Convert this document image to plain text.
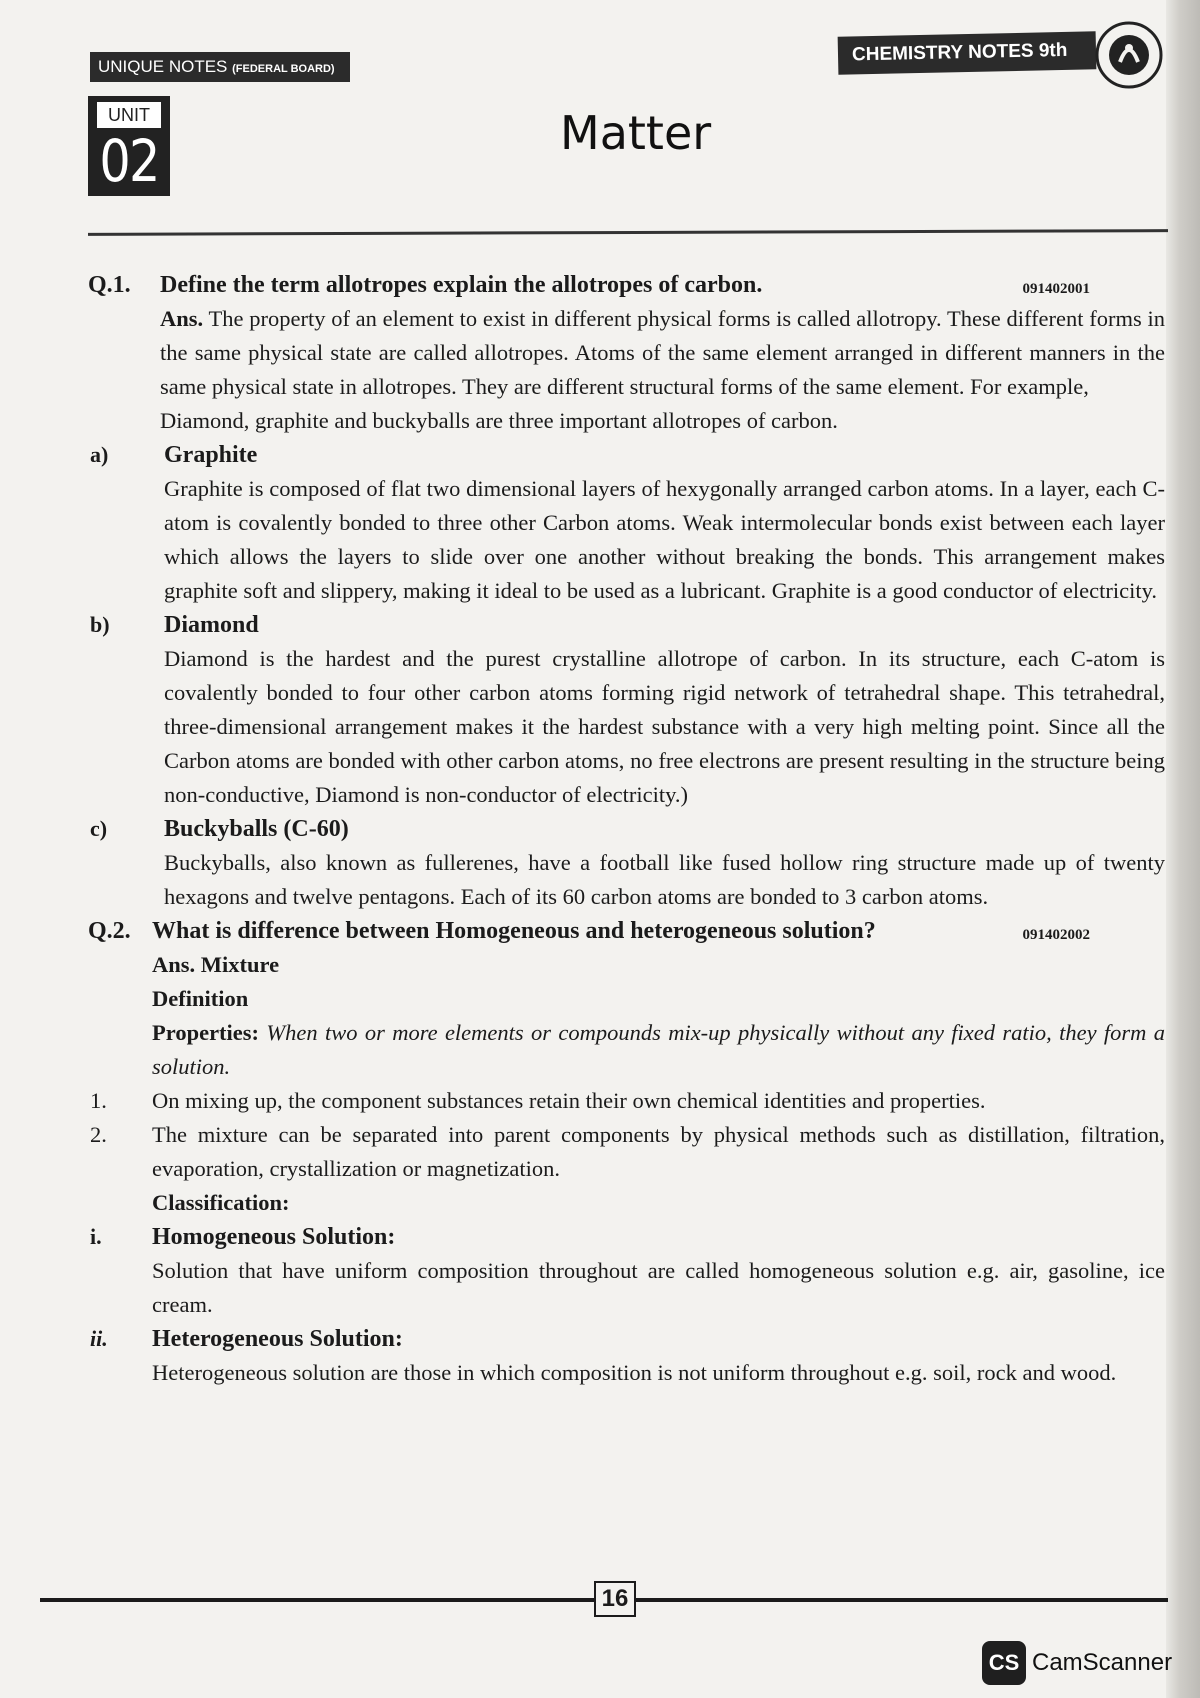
UNIQUE NOTES (FEDERAL BOARD)
CHEMISTRY NOTES 9th
UNIT
02	Matter
Q.1. Define the term allotropes explain the allotropes of carbon.	091402001
Ans. The property of an element to exist in different physical forms is called allotropy. These different forms in the same physical state are called allotropes. Atoms of the same element arranged in different manners in the same physical state in allotropes. They are different structural forms of the same element. For example,
Diamond, graphite and buckyballs are three important allotropes of carbon.
a) Graphite
Graphite is composed of flat two dimensional layers of hexygonally arranged carbon atoms. In a layer, each C-atom is covalently bonded to three other Carbon atoms. Weak intermolecular bonds exist between each layer which allows the layers to slide over one another without breaking the bonds. This arrangement makes graphite soft and slippery, making it ideal to be used as a lubricant. Graphite is a good conductor of electricity.
b) Diamond
Diamond is the hardest and the purest crystalline allotrope of carbon. In its structure, each C-atom is covalently bonded to four other carbon atoms forming rigid network of tetrahedral shape. This tetrahedral, three-dimensional arrangement makes it the hardest substance with a very high melting point. Since all the Carbon atoms are bonded with other carbon atoms, no free electrons are present resulting in the structure being non-conductive, Diamond is non-conductor of electricity.)
c) Buckyballs (C-60)
Buckyballs, also known as fullerenes, have a football like fused hollow ring structure made up of twenty hexagons and twelve pentagons. Each of its 60 carbon atoms are bonded to 3 carbon atoms.
Q.2. What is difference between Homogeneous and heterogeneous solution?	091402002
Ans. Mixture
Definition
Properties: When two or more elements or compounds mix-up physically without any fixed ratio, they form a solution.
1. On mixing up, the component substances retain their own chemical identities and properties.
2. The mixture can be separated into parent components by physical methods such as distillation, filtration, evaporation, crystallization or magnetization.
Classification:
i. Homogeneous Solution:
Solution that have uniform composition throughout are called homogeneous solution e.g. air, gasoline, ice cream.
ii. Heterogeneous Solution:
Heterogeneous solution are those in which composition is not uniform throughout e.g. soil, rock and wood.
16
CS CamScanner
